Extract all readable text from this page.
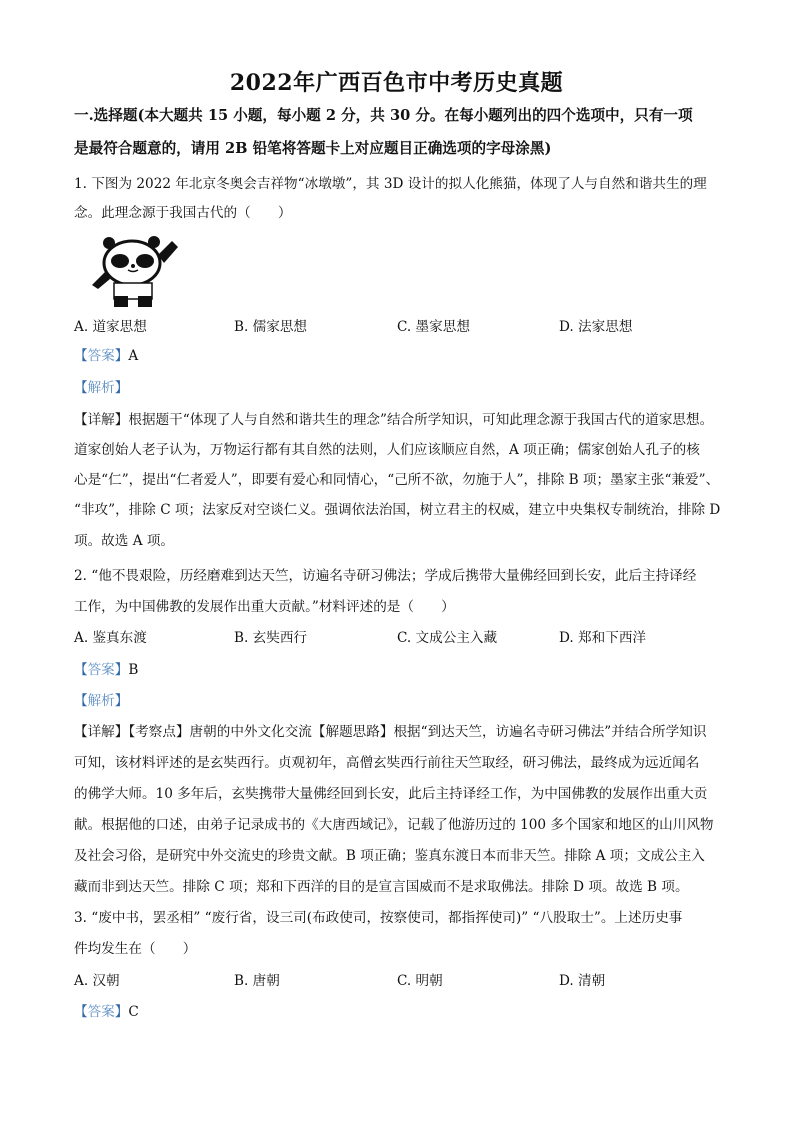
2022年广西百色市中考历史真题
一.选择题(本大题共 15 小题，每小题 2 分，共 30 分。在每小题列出的四个选项中，只有一项
是最符合题意的，请用 2B 铅笔将答题卡上对应题目正确选项的字母涂黑)
1. 下图为 2022 年北京冬奥会吉祥物“冰墩墩”，其 3D 设计的拟人化熊猫，体现了人与自然和谐共生的理
念。此理念源于我国古代的（　　）
A. 道家思想	B. 儒家思想	C. 墨家思想	D. 法家思想
【答案】A
【解析】
【详解】根据题干“体现了人与自然和谐共生的理念”结合所学知识，可知此理念源于我国古代的道家思想。
道家创始人老子认为，万物运行都有其自然的法则，人们应该顺应自然，A 项正确；儒家创始人孔子的核
心是“仁”，提出“仁者爱人”，即要有爱心和同情心，“己所不欲，勿施于人”，排除 B 项；墨家主张“兼爱”、
“非攻”，排除 C 项；法家反对空谈仁义。强调依法治国，树立君主的权威，建立中央集权专制统治，排除 D
项。故选 A 项。
2. “他不畏艰险，历经磨难到达天竺，访遍名寺研习佛法；学成后携带大量佛经回到长安，此后主持译经
工作，为中国佛教的发展作出重大贡献。”材料评述的是（　　）
A. 鉴真东渡	B. 玄奘西行	C. 文成公主入藏	D. 郑和下西洋
【答案】B
【解析】
【详解】【考察点】唐朝的中外文化交流【解题思路】根据“到达天竺，访遍名寺研习佛法”并结合所学知识
可知，该材料评述的是玄奘西行。贞观初年，高僧玄奘西行前往天竺取经，研习佛法，最终成为远近闻名
的佛学大师。10 多年后，玄奘携带大量佛经回到长安，此后主持译经工作，为中国佛教的发展作出重大贡
献。根据他的口述，由弟子记录成书的《大唐西域记》，记载了他游历过的 100 多个国家和地区的山川风物
及社会习俗，是研究中外交流史的珍贵文献。B 项正确；鉴真东渡日本而非天竺。排除 A 项；文成公主入
藏而非到达天竺。排除 C 项；郑和下西洋的目的是宣言国威而不是求取佛法。排除 D 项。故选 B 项。
3. “废中书，罢丞相” “废行省，设三司(布政使司，按察使司，都指挥使司)” “八股取士”。上述历史事
件均发生在（　　）
A. 汉朝	B. 唐朝	C. 明朝	D. 清朝
【答案】C
